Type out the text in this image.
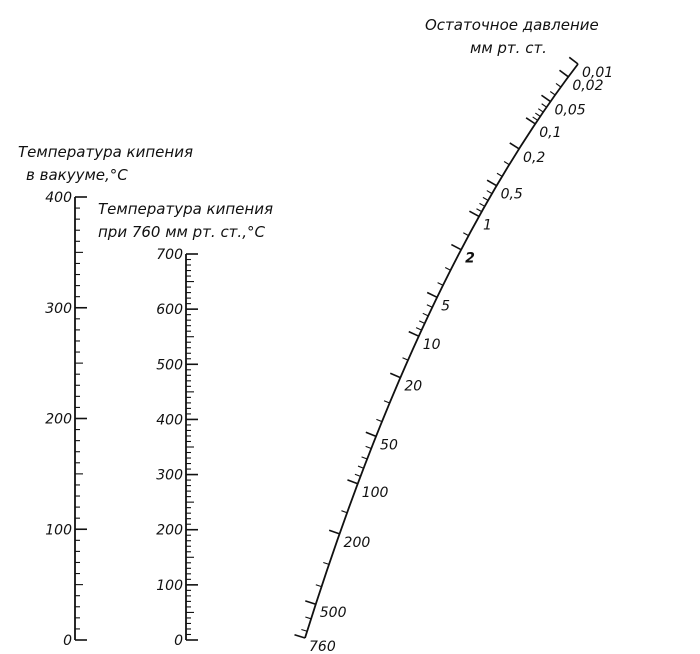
Температура кипения
в вакууме,°C
Температура кипения
при 760 мм рт. ст.,°C
Остаточное давление
мм рт. ст.
0
100
200
300
400
0
100
200
300
400
500
600
700
0,01
0,02
0,05
0,1
0,2
0,5
1
2
5
10
20
50
100
200
500
760
